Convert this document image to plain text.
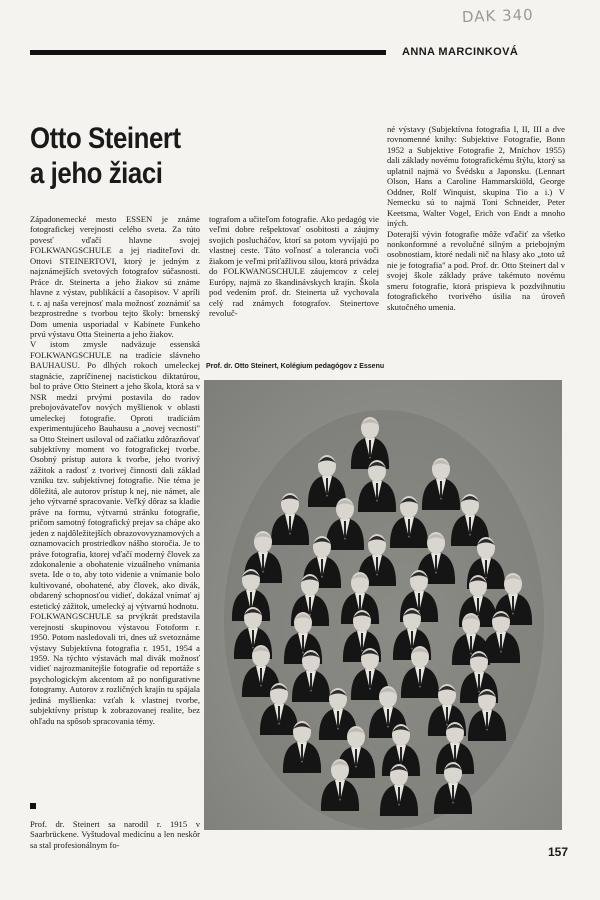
DAK 340
ANNA MARCINKOVÁ
Otto Steinert
a jeho žiaci

Západonemecké mesto ESSEN je známe fotografickej verejnosti celého sveta. Za túto povesť vďačí hlavne svojej FOLKWANGSCHULE a jej riaditeľovi dr. Ottovi STEINERTOVI, ktorý je jedným z najznámejších svetových fotografov súčasnosti. Práce dr. Steinerta a jeho žiakov sú známe hlavne z výstav, publikácií a časopisov. V apríli t. r. aj naša verejnosť mala možnosť zoznámiť sa bezprostredne s tvorbou tejto školy: brnenský Dom umenia usporiadal v Kabinete Funkeho prvú výstavu Otta Steinerta a jeho žiakov.

V istom zmysle nadväzuje essenská FOLKWANGSCHULE na tradície slávneho BAUHAUSU. Po dlhých rokoch umeleckej stagnácie, zapríčinenej nacistickou diktatúrou, bol to práve Otto Steinert a jeho škola, ktorá sa v NSR medzi prvými postavila do radov prebojovávateľov nových myšlienok v oblasti umeleckej fotografie. Oproti tradíciám experimentujúceho Bauhausu a „novej vecnosti" sa Otto Steinert usiloval od začiatku zdôrazňovať subjektívny moment vo fotografickej tvorbe. Osobný prístup autora k tvorbe, jeho tvorivý zážitok a radosť z tvorivej činnosti dali základ vzniku tzv. subjektívnej fotografie. Nie téma je dôležitá, ale autorov prístup k nej, nie námet, ale jeho výtvarné spracovanie. Veľký dôraz sa kladie práve na formu, výtvarnú stránku fotografie, pričom samotný fotografický prejav sa chápe ako jeden z najdôležitejších obrazovovyznamových a oznamovacích prostriedkov nášho storočia. Je to práve fotografia, ktorej vďačí moderný človek za zdokonalenie a obohatenie vizuálneho vnímania sveta. Ide o to, aby toto videnie a vnímanie bolo kultivované, obohatené, aby človek, ako divák, obdarený schopnosťou vidieť, dokázal vnímať aj estetický zážitok, umelecký aj výtvarnú hodnotu.

FOLKWANGSCHULE sa prvýkrát predstavila verejnosti skupinovou výstavou Fotoform r. 1950. Potom nasledovali tri, dnes už svetoznáme výstavy Subjektívna fotografia r. 1951, 1954 a 1959. Na týchto výstavách mal divák možnosť vidieť najrozmanitejšie fotografie od reportáže s psychologickým akcentom až po nonfigurativne fotogramy. Autorov z rozličných krajín tu spájala jediná myšlienka: vzťah k vlastnej tvorbe, subjektívny prístup k zobrazovanej realite, bez ohľadu na spôsob spracovania témy.

Prof. dr. Steinert sa narodil r. 1915 v Saarbrückene. Vyštudoval medicínu a len neskôr sa stal profesionálnym fo-

tografom a učiteľom fotografie. Ako pedagóg vie veľmi dobre rešpektovať osobitosti a záujmy svojich poslucháčov, ktorí sa potom vyvíjajú po vlastnej ceste. Táto voľnosť a tolerancia voči žiakom je veľmi príťažlivou silou, ktorá privádza do FOLKWANGSCHULE záujemcov z celej Európy, najmä zo škandinávskych krajín. Škola pod vedením prof. dr. Steinerta už vychovala celý rad známych fotografov. Steinertove revoluč-

né výstavy (Subjektívna fotografia I, II, III a dve rovnomenné knihy: Subjektive Fotografie, Bonn 1952 a Subjektive Fotografie 2, Mníchov 1955) dali základy novému fotografickému štýlu, ktorý sa uplatnil najmä vo Švédsku a Japonsku. (Lennart Olson, Hans a Caroline Hammarskiöld, George Oddner, Rolf Winquist, skupina Tio a i.) V Nemecku sú to najmä Toni Schneider, Peter Keetsma, Walter Vogel, Erich von Endt a mnoho iných.

Doterajší vývin fotografie môže vďačiť za všetko nonkonformné a revolučné silným a priebojným osobnostiam, ktoré nedali nič na hlasy ako „toto už nie je fotografia" a pod. Prof. dr. Otto Steinert dal v svojej škole základy práve takémuto novému smeru fotografie, ktorá prispieva k pozdvihnutiu fotografického tvorivého úsilia na úroveň skutočného umenia.

Prof. dr. Otto Steinert, Kolégium pedagógov z Essenu
157
